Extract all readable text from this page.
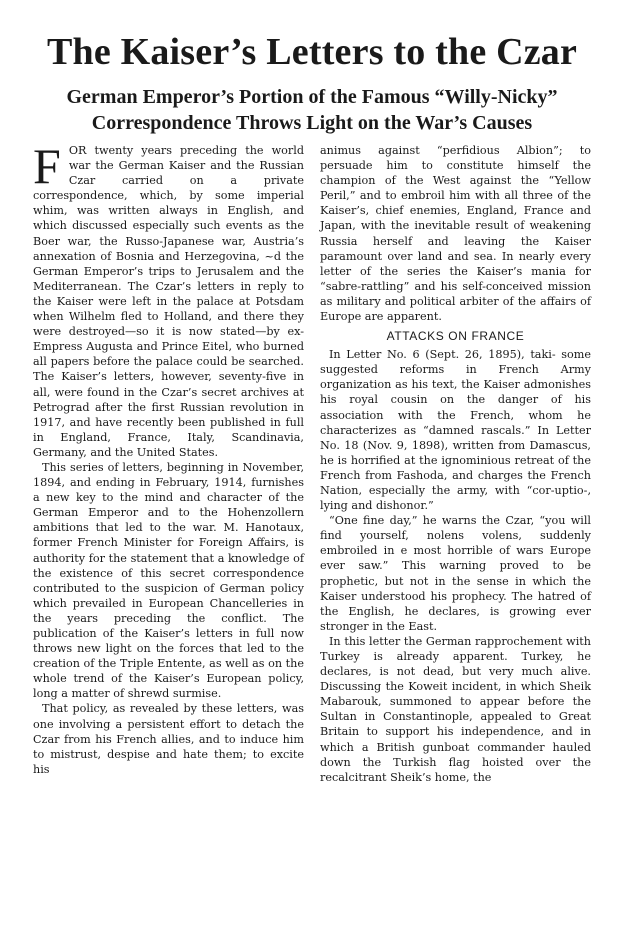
The Kaiser’s Letters to the Czar
German Emperor’s Portion of the Famous “Willy-Nicky” Correspondence Throws Light on the War’s Causes

FOR twenty years preceding the world war the German Kaiser and the Russian Czar carried on a private correspondence, which, by some imperial whim, was written always in English, and which discussed especially such events as the Boer war, the Russo-Japanese war, Austria’s annexation of Bosnia and Herzegovina, ~d the German Emperor’s trips to Jerusalem and the Mediterranean. The Czar’s letters in reply to the Kaiser were left in the palace at Potsdam when Wilhelm fled to Holland, and there they were destroyed—so it is now stated—by ex-Empress Augusta and Prince Eitel, who burned all papers before the palace could be searched. The Kaiser’s letters, however, seventy-five in all, were found in the Czar’s secret archives at Petrograd after the first Russian revolution in 1917, and have recently been published in full in England, France, Italy, Scandinavia, Germany, and the United States.

This series of letters, beginning in November, 1894, and ending in February, 1914, furnishes a new key to the mind and character of the German Emperor and to the Hohenzollern ambitions that led to the war. M. Hanotaux, former French Minister for Foreign Affairs, is authority for the statement that a knowledge of the existence of this secret correspondence contributed to the suspicion of German policy which prevailed in European Chancelleries in the years preceding the conflict. The publication of the Kaiser’s letters in full now throws new light on the forces that led to the creation of the Triple Entente, as well as on the whole trend of the Kaiser’s European policy, long a matter of shrewd surmise.

That policy, as revealed by these letters, was one involving a persistent effort to detach the Czar from his French allies, and to induce him to mistrust, despise and hate them; to excite his

animus against “perfidious Albion”; to persuade him to constitute himself the champion of the West against the “Yellow Peril,” and to embroil him with all three of the Kaiser’s, chief enemies, England, France and Japan, with the inevitable result of weakening Russia herself and leaving the Kaiser paramount over land and sea. In nearly every letter of the series the Kaiser’s mania for “sabre-rattling” and his self-conceived mission as military and political arbiter of the affairs of Europe are apparent.

ATTACKS ON FRANCE

In Letter No. 6 (Sept. 26, 1895), taki- some suggested reforms in French Army organization as his text, the Kaiser admonishes his royal cousin on the danger of his association with the French, whom he characterizes as “damned rascals.” In Letter No. 18 (Nov. 9, 1898), written from Damascus, he is horrified at the ignominious retreat of the French from Fashoda, and charges the French Nation, especially the army, with “cor-uptio-, lying and dishonor.”

“One fine day,” he warns the Czar, “you will find yourself, nolens volens, suddenly embroiled in e most horrible of wars Europe ever saw.” This warning proved to be prophetic, but not in the sense in which the Kaiser understood his prophecy. The hatred of the English, he declares, is growing ever stronger in the East.

In this letter the German rapprochement with Turkey is already apparent. Turkey, he declares, is not dead, but very much alive. Discussing the Koweit incident, in which Sheik Mabarouk, summoned to appear before the Sultan in Constantinople, appealed to Great Britain to support his independence, and in which a British gunboat commander hauled down the Turkish flag hoisted over the recalcitrant Sheik’s home, the
